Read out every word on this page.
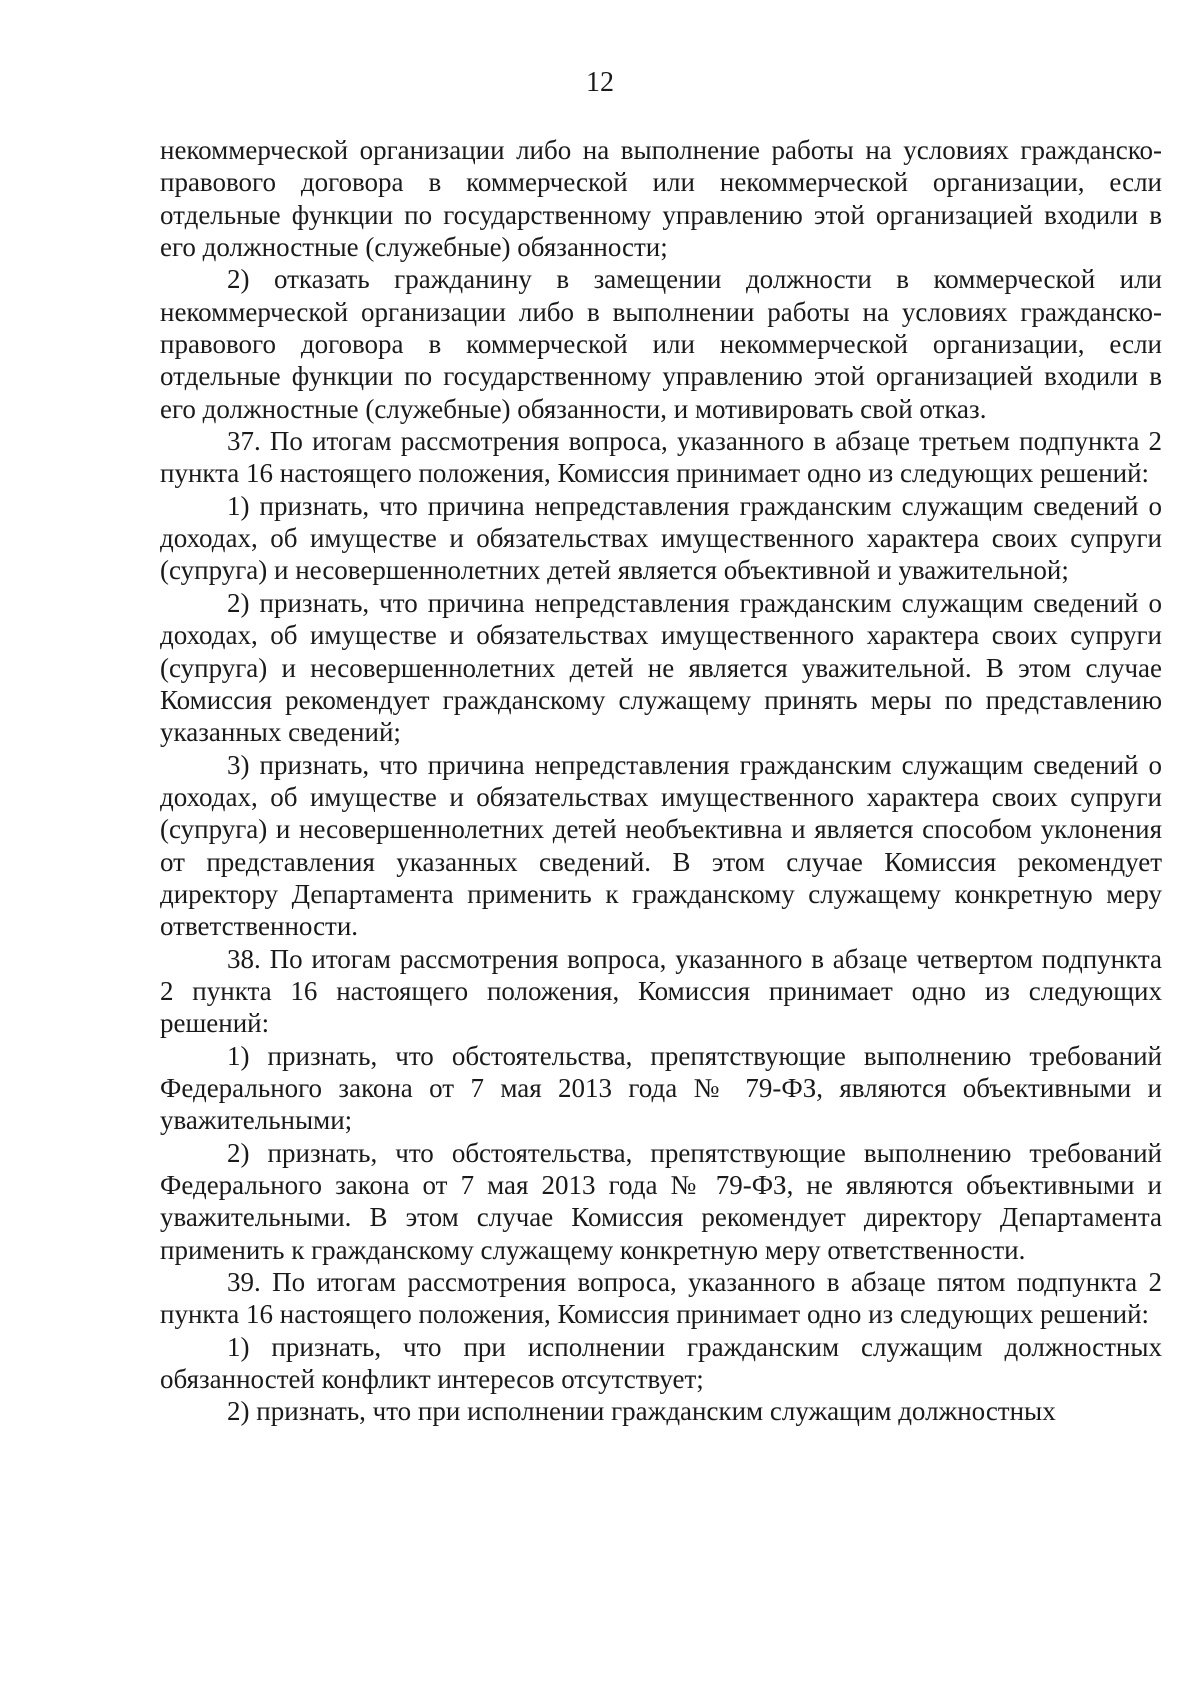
12

некоммерческой организации либо на выполнение работы на условиях гражданско-правового договора в коммерческой или некоммерческой организации, если отдельные функции по государственному управлению этой организацией входили в его должностные (служебные) обязанности;

2) отказать гражданину в замещении должности в коммерческой или некоммерческой организации либо в выполнении работы на условиях гражданско-правового договора в коммерческой или некоммерческой организации, если отдельные функции по государственному управлению этой организацией входили в его должностные (служебные) обязанности, и мотивировать свой отказ.

37. По итогам рассмотрения вопроса, указанного в абзаце третьем подпункта 2 пункта 16 настоящего положения, Комиссия принимает одно из следующих решений:

1) признать, что причина непредставления гражданским служащим сведений о доходах, об имуществе и обязательствах имущественного характера своих супруги (супруга) и несовершеннолетних детей является объективной и уважительной;

2) признать, что причина непредставления гражданским служащим сведений о доходах, об имуществе и обязательствах имущественного характера своих супруги (супруга) и несовершеннолетних детей не является уважительной. В этом случае Комиссия рекомендует гражданскому служащему принять меры по представлению указанных сведений;

3) признать, что причина непредставления гражданским служащим сведений о доходах, об имуществе и обязательствах имущественного характера своих супруги (супруга) и несовершеннолетних детей необъективна и является способом уклонения от представления указанных сведений. В этом случае Комиссия рекомендует директору Департамента применить к гражданскому служащему конкретную меру ответственности.

38. По итогам рассмотрения вопроса, указанного в абзаце четвертом подпункта 2 пункта 16 настоящего положения, Комиссия принимает одно из следующих решений:

1) признать, что обстоятельства, препятствующие выполнению требований Федерального закона от 7 мая 2013 года № 79-ФЗ, являются объективными и уважительными;

2) признать, что обстоятельства, препятствующие выполнению требований Федерального закона от 7 мая 2013 года № 79-ФЗ, не являются объективными и уважительными. В этом случае Комиссия рекомендует директору Департамента применить к гражданскому служащему конкретную меру ответственности.

39. По итогам рассмотрения вопроса, указанного в абзаце пятом подпункта 2 пункта 16 настоящего положения, Комиссия принимает одно из следующих решений:

1) признать, что при исполнении гражданским служащим должностных обязанностей конфликт интересов отсутствует;

2) признать, что при исполнении гражданским служащим должностных
